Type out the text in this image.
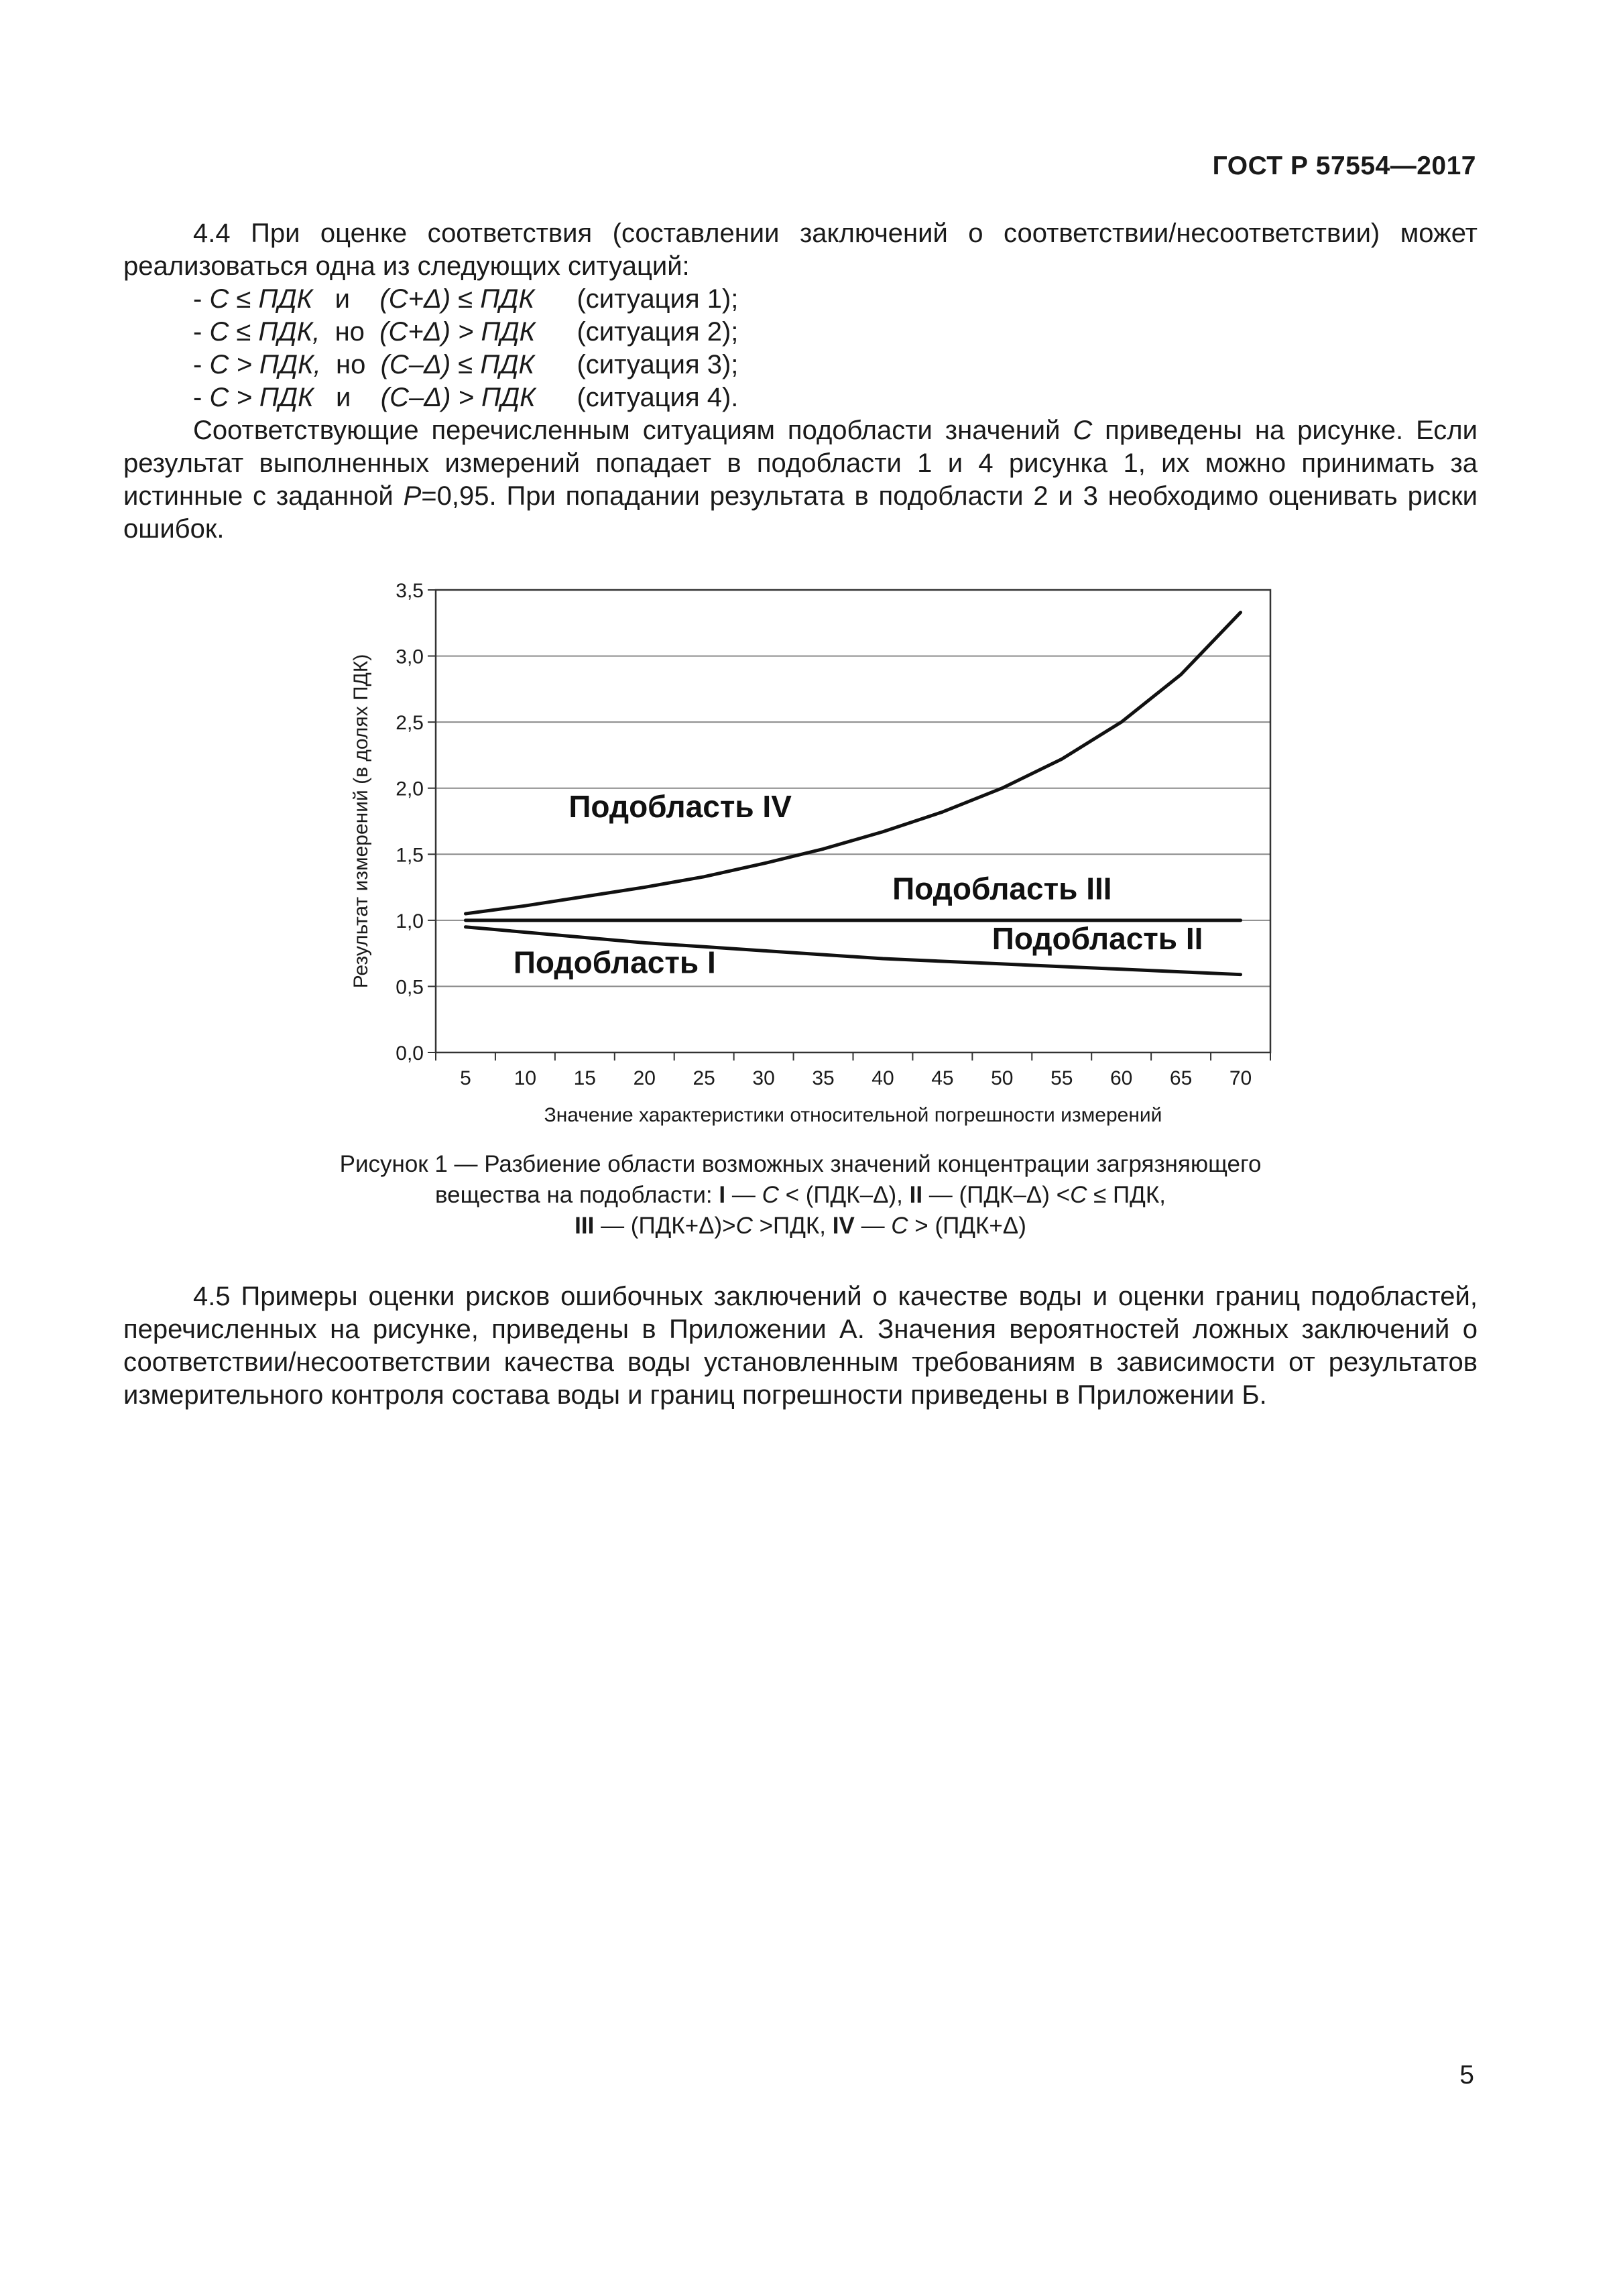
ГОСТ Р 57554—2017

4.4 При оценке соответствия (составлении заключений о соответствии/несоответствии) может реализоваться одна из следующих ситуаций:

- C ≤ ПДК и (C+Δ) ≤ ПДК (ситуация 1);
- C ≤ ПДК, но (C+Δ) > ПДК (ситуация 2);
- C > ПДК, но (C–Δ) ≤ ПДК (ситуация 3);
- C > ПДК и (C–Δ) > ПДК (ситуация 4).

Соответствующие перечисленным ситуациям подобласти значений C приведены на рисунке. Если результат выполненных измерений попадает в подобласти 1 и 4 рисунка 1, их можно принимать за истинные с заданной P=0,95. При попадании результата в подобласти 2 и 3 необходимо оценивать риски ошибок.

0,0
0,5
1,0
1,5
2,0
2,5
3,0
3,5
5 10 15 20 25 30 35 40 45 50 55 60 65 70
Значение характеристики относительной погрешности измерений
Результат измерений (в долях ПДК)	Подобласть IV
Подобласть III
Подобласть II
Подобласть I
Рисунок 1 — Разбиение области возможных значений концентрации загрязняющего
вещества на подобласти: I — C < (ПДК–Δ), II — (ПДК–Δ) <C ≤ ПДК,
III — (ПДК+Δ)>C >ПДК, IV — C > (ПДК+Δ)

4.5 Примеры оценки рисков ошибочных заключений о качестве воды и оценки границ подобластей, перечисленных на рисунке, приведены в Приложении А. Значения вероятностей ложных заключений о соответствии/несоответствии качества воды установленным требованиям в зависимости от результатов измерительного контроля состава воды и границ погрешности приведены в Приложении Б.

5
